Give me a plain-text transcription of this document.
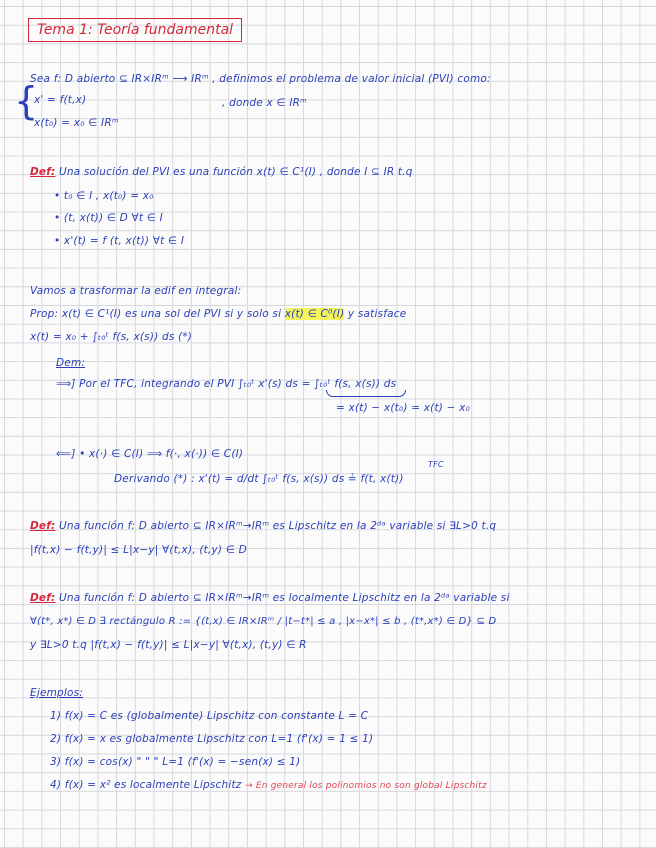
Tema 1: Teoría fundamental
Sea f: D abierto ⊆ IR×IRᵐ ⟶ IRᵐ , definimos el problema de valor inicial (PVI) como:
{
x' = f(t,x)
x(t₀) = x₀ ∈ IRᵐ
, donde x ∈ IRᵐ
Def: Una solución del PVI es una función x(t) ∈ C¹(I) , donde I ⊆ IR t.q
• t₀ ∈ I , x(t₀) = x₀
• (t, x(t)) ∈ D ∀t ∈ I
• x'(t) = f (t, x(t)) ∀t ∈ I
Vamos a trasformar la edif en integral:
Prop: x(t) ∈ C¹(I) es una sol del PVI si y solo si x(t) ∈ C⁰(I) y satisface
x(t) = x₀ + ∫ₜ₀ᵗ f(s, x(s)) ds (*)
Dem:
⟹] Por el TFC, integrando el PVI ∫ₜ₀ᵗ x'(s) ds = ∫ₜ₀ᵗ f(s, x(s)) ds
= x(t) − x(t₀) = x(t) − x₀
⟸] • x(·) ∈ C(I) ⟹ f(·, x(·)) ∈ C(I)
TFC
Derivando (*) : x'(t) = d/dt ∫ₜ₀ᵗ f(s, x(s)) ds ≟ f(t, x(t))
Def: Una función f: D abierto ⊆ IR×IRᵐ→IRᵐ es Lipschitz en la 2ᵈᵃ variable si ∃L>0 t.q
|f(t,x) − f(t,y)| ≤ L|x−y| ∀(t,x), (t,y) ∈ D
Def: Una función f: D abierto ⊆ IR×IRᵐ→IRᵐ es localmente Lipschitz en la 2ᵈᵃ variable si
∀(t*, x*) ∈ D ∃ rectángulo R := {(t,x) ∈ IR×IRᵐ / |t−t*| ≤ a , |x−x*| ≤ b , (t*,x*) ∈ D} ⊆ D
y ∃L>0 t.q |f(t,x) − f(t,y)| ≤ L|x−y| ∀(t,x), (t,y) ∈ R
Ejemplos:
1) f(x) = C es (globalmente) Lipschitz con constante L = C
2) f(x) = x es globalmente Lipschitz con L=1 (f'(x) = 1 ≤ 1)
3) f(x) = cos(x) " " " L=1 (f'(x) = −sen(x) ≤ 1)
4) f(x) = x² es localmente Lipschitz → En general los polinomios no son global Lipschitz
